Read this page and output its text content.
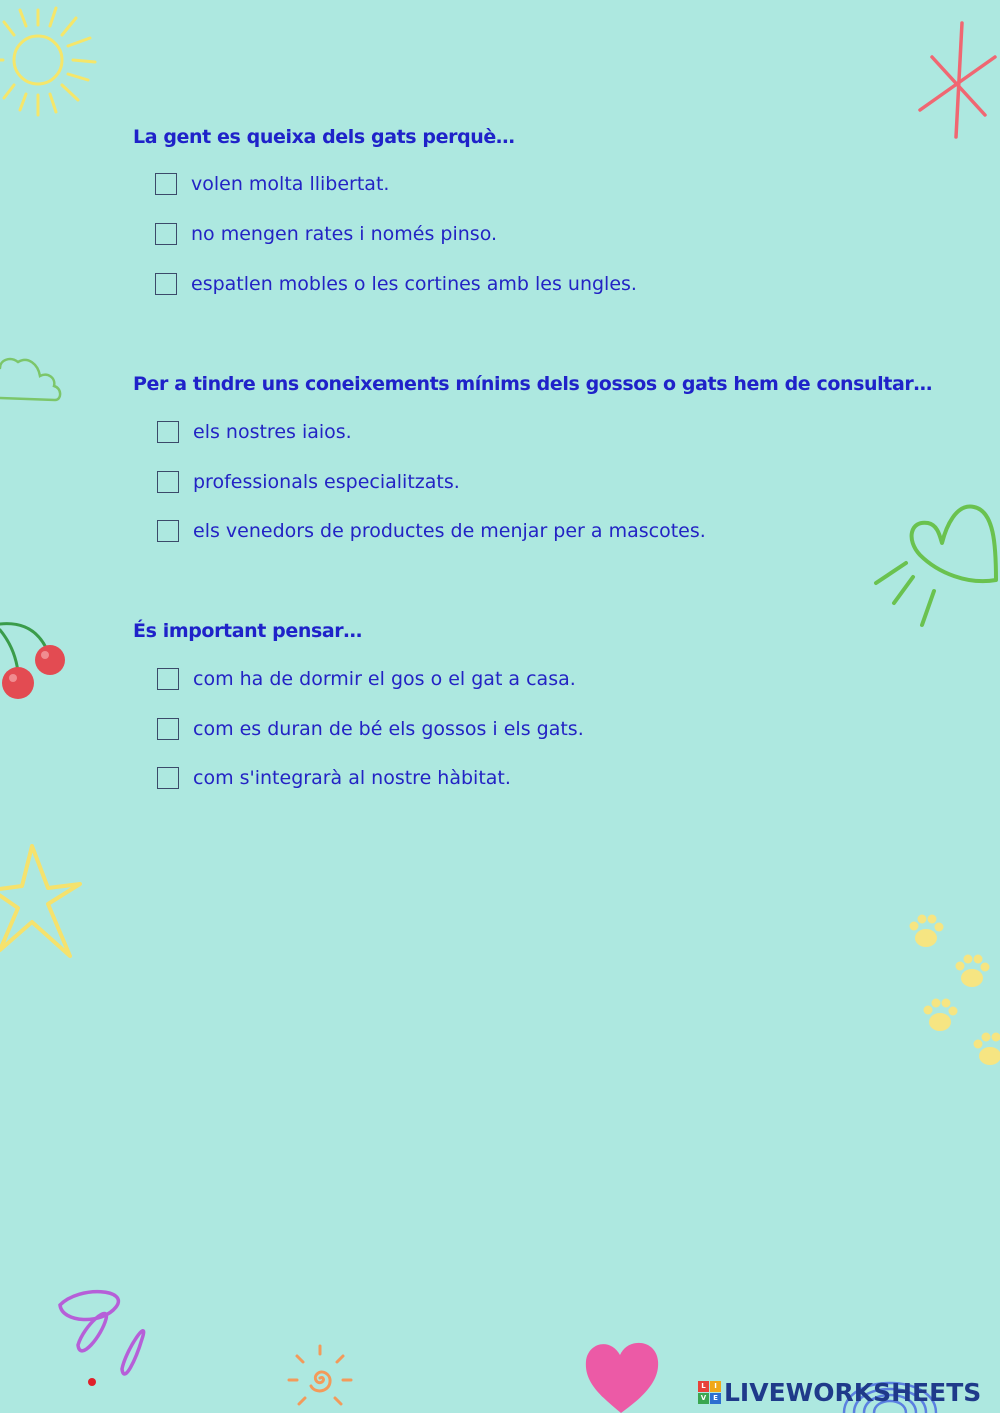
La gent es queixa dels gats perquè…
volen molta llibertat.
no mengen rates i només pinso.
espatlen mobles o les cortines amb les ungles.
Per a tindre uns coneixements mínims dels gossos o gats hem de consultar…
els nostres iaios.
professionals especialitzats.
els venedors de productes de menjar per a mascotes.
És important pensar…
com ha de dormir el gos o el gat a casa.
com es duran de bé els gossos i els gats.
com s'integrarà al nostre hàbitat.
L	I
V E LIVEWORKSHEETS
